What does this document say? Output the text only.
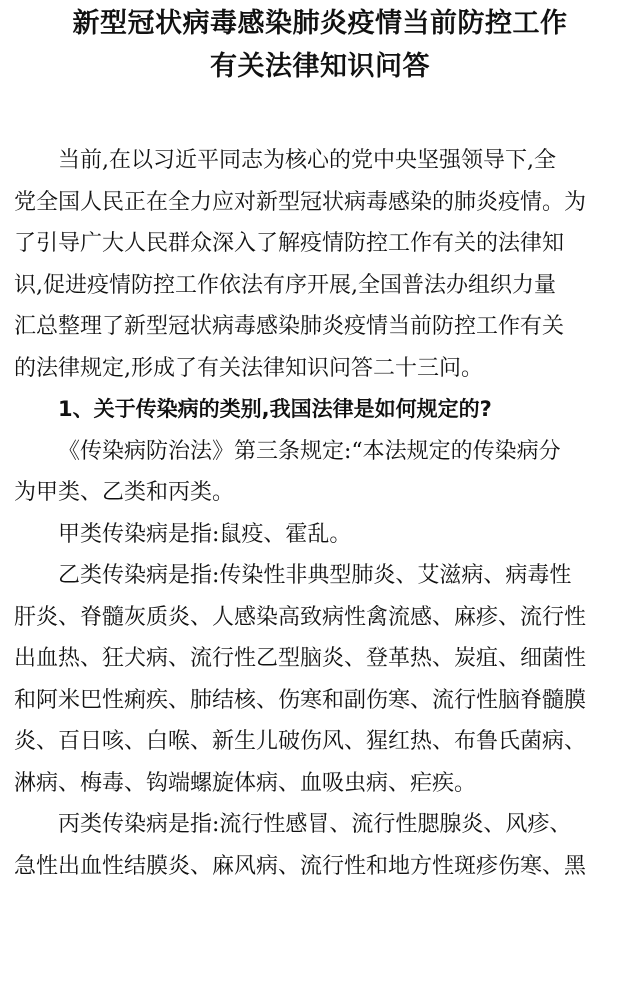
新型冠状病毒感染肺炎疫情当前防控工作
有关法律知识问答
当前,在以习近平同志为核心的党中央坚强领导下,全
党全国人民正在全力应对新型冠状病毒感染的肺炎疫情。为
了引导广大人民群众深入了解疫情防控工作有关的法律知
识,促进疫情防控工作依法有序开展,全国普法办组织力量
汇总整理了新型冠状病毒感染肺炎疫情当前防控工作有关
的法律规定,形成了有关法律知识问答二十三问。
1、关于传染病的类别,我国法律是如何规定的?
《传染病防治法》第三条规定:“本法规定的传染病分
为甲类、乙类和丙类。
甲类传染病是指:鼠疫、霍乱。
乙类传染病是指:传染性非典型肺炎、艾滋病、病毒性
肝炎、脊髓灰质炎、人感染高致病性禽流感、麻疹、流行性
出血热、狂犬病、流行性乙型脑炎、登革热、炭疽、细菌性
和阿米巴性痢疾、肺结核、伤寒和副伤寒、流行性脑脊髓膜
炎、百日咳、白喉、新生儿破伤风、猩红热、布鲁氏菌病、
淋病、梅毒、钩端螺旋体病、血吸虫病、疟疾。
丙类传染病是指:流行性感冒、流行性腮腺炎、风疹、
急性出血性结膜炎、麻风病、流行性和地方性斑疹伤寒、黑
